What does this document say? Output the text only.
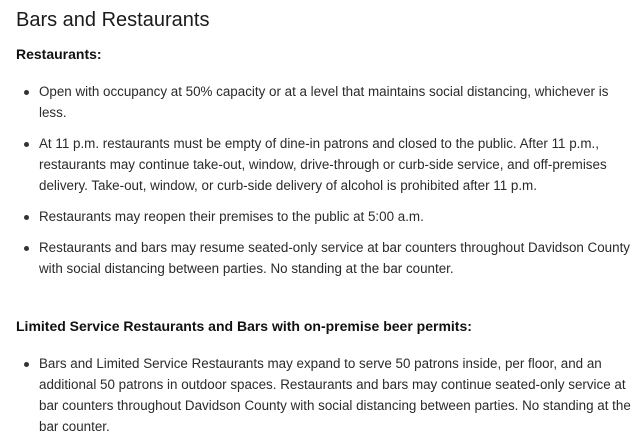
Bars and Restaurants
Restaurants:
Open with occupancy at 50% capacity or at a level that maintains social distancing, whichever is less.
At 11 p.m. restaurants must be empty of dine-in patrons and closed to the public. After 11 p.m., restaurants may continue take-out, window, drive-through or curb-side service, and off-premises delivery. Take-out, window, or curb-side delivery of alcohol is prohibited after 11 p.m.
Restaurants may reopen their premises to the public at 5:00 a.m.
Restaurants and bars may resume seated-only service at bar counters throughout Davidson County with social distancing between parties. No standing at the bar counter.
Limited Service Restaurants and Bars with on-premise beer permits:
Bars and Limited Service Restaurants may expand to serve 50 patrons inside, per floor, and an additional 50 patrons in outdoor spaces. Restaurants and bars may continue seated-only service at bar counters throughout Davidson County with social distancing between parties. No standing at the bar counter.
